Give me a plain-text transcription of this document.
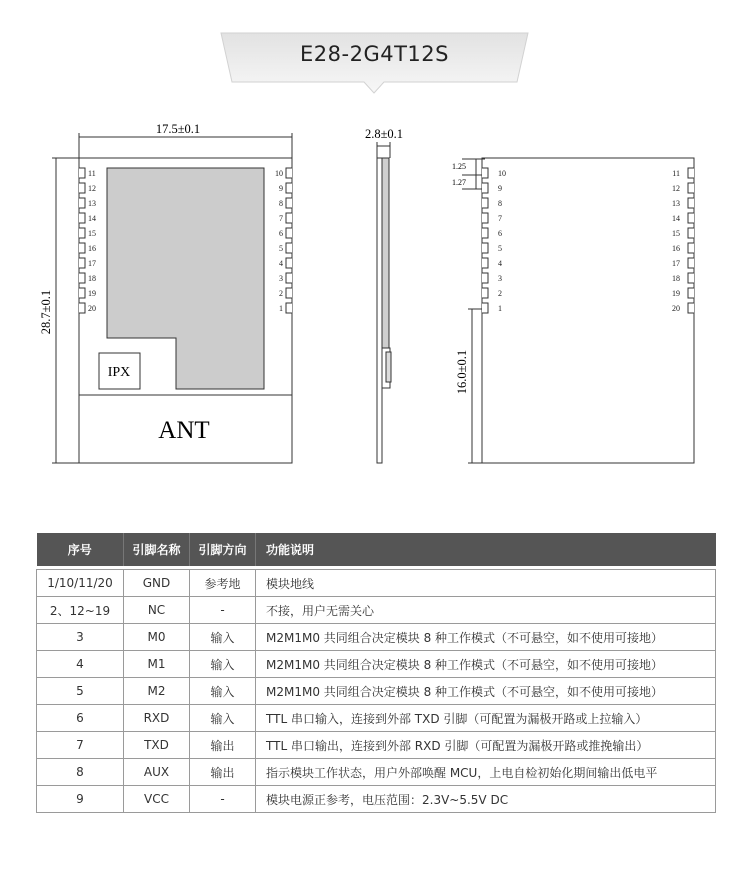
E28-2G4T12S
11	10	10	11
12	9	9	12
13	8	8	13
14	7	7	14
15	6	6	15
16	5	5	16
17	4	4	17
18	3	3	18
19	2	2	19
20	1	1	20
17.5±0.1
28.7±0.1
2.8±0.1
1.25
1.27
16.0±0.1
IPX
ANT
序号	引脚名称	引脚方向	功能说明

1/10/11/20	GND	参考地	模块地线
2、12~19	NC	-	不接，用户无需关心
3	M0	输入	M2M1M0 共同组合决定模块 8 种工作模式（不可悬空，如不使用可接地）
4	M1	输入	M2M1M0 共同组合决定模块 8 种工作模式（不可悬空，如不使用可接地）
5	M2	输入	M2M1M0 共同组合决定模块 8 种工作模式（不可悬空，如不使用可接地）
6	RXD	输入	TTL 串口输入，连接到外部 TXD 引脚（可配置为漏极开路或上拉输入）
7	TXD	输出	TTL 串口输出，连接到外部 RXD 引脚（可配置为漏极开路或推挽输出）
8	AUX	输出	指示模块工作状态，用户外部唤醒 MCU，上电自检初始化期间输出低电平
9	VCC	-	模块电源正参考，电压范围：2.3V~5.5V DC
